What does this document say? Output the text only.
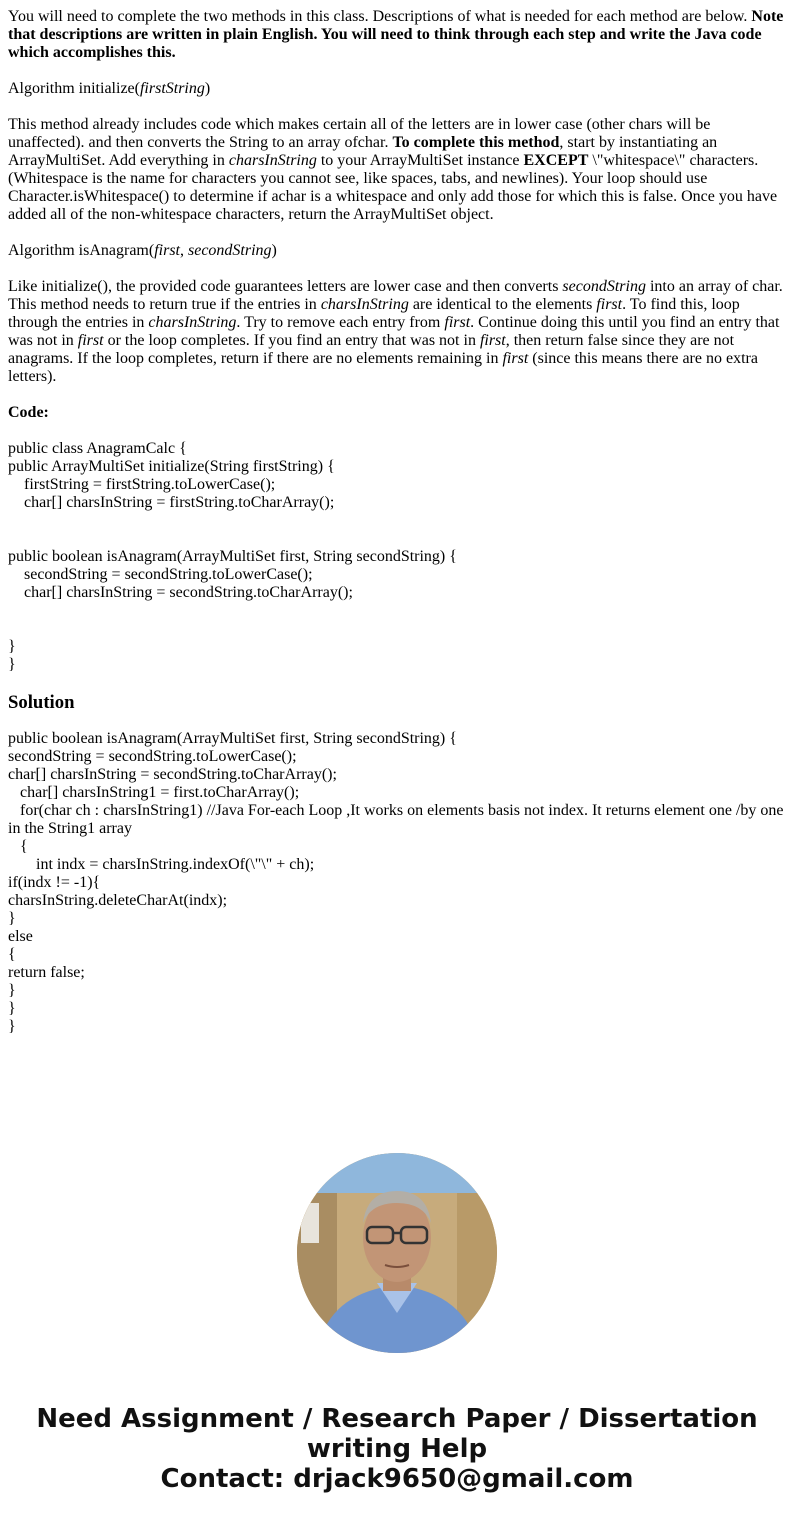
You will need to complete the two methods in this class. Descriptions of what is needed for each method are below. Note that descriptions are written in plain English. You will need to think through each step and write the Java code which accomplishes this.

Algorithm initialize(firstString)

This method already includes code which makes certain all of the letters are in lower case (other chars will be unaffected). and then converts the String to an array ofchar. To complete this method, start by instantiating an ArrayMultiSet. Add everything in charsInString to your ArrayMultiSet instance EXCEPT \"whitespace\" characters. (Whitespace is the name for characters you cannot see, like spaces, tabs, and newlines). Your loop should use Character.isWhitespace() to determine if achar is a whitespace and only add those for which this is false. Once you have added all of the non-whitespace characters, return the ArrayMultiSet object.

Algorithm isAnagram(first, secondString)

Like initialize(), the provided code guarantees letters are lower case and then converts secondString into an array of char. This method needs to return true if the entries in charsInString are identical to the elements first. To find this, loop through the entries in charsInString. Try to remove each entry from first. Continue doing this until you find an entry that was not in first or the loop completes. If you find an entry that was not in first, then return false since they are not anagrams. If the loop completes, return if there are no elements remaining in first (since this means there are no extra letters).

Code:

public class AnagramCalc {
public ArrayMultiSet initialize(String firstString) {
firstString = firstString.toLowerCase();
char[] charsInString = firstString.toCharArray();
public boolean isAnagram(ArrayMultiSet first, String secondString) {
secondString = secondString.toLowerCase();
char[] charsInString = secondString.toCharArray();
}
}
Solution
public boolean isAnagram(ArrayMultiSet first, String secondString) {
secondString = secondString.toLowerCase();
char[] charsInString = secondString.toCharArray();
char[] charsInString1 = first.toCharArray();
for(char ch : charsInString1) //Java For-each Loop ,It works on elements basis not index. It returns element one /by one in the String1 array
{
int indx = charsInString.indexOf(\"\" + ch);
if(indx != -1){
charsInString.deleteCharAt(indx);
}
else
{
return false;
}
}
}
Need Assignment / Research Paper / Dissertation
writing Help
Contact: drjack9650@gmail.com
